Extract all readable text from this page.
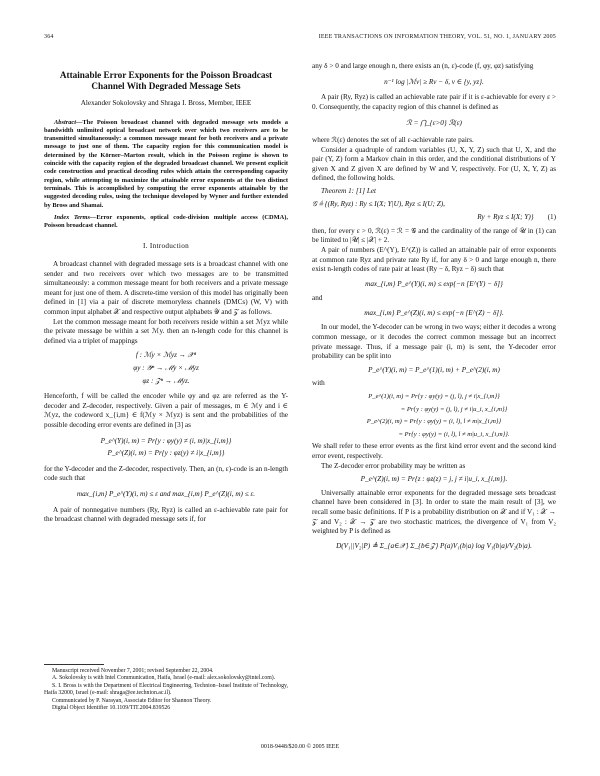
364	IEEE TRANSACTIONS ON INFORMATION THEORY, VOL. 51, NO. 1, JANUARY 2005
Attainable Error Exponents for the Poisson Broadcast Channel With Degraded Message Sets
Alexander Sokolovsky and Shraga I. Bross, Member, IEEE

Abstract—The Poisson broadcast channel with degraded message sets models a bandwidth unlimited optical broadcast network over which two receivers are to be transmitted simultaneously: a common message meant for both receivers and a private message to just one of them. The capacity region for this communication model is determined by the Körner–Marton result, which in the Poisson regime is shown to coincide with the capacity region of the degraded broadcast channel. We present explicit code construction and practical decoding rules which attain the corresponding capacity region, while attempting to maximize the attainable error exponents at the two distinct terminals. This is accomplished by computing the error exponents attainable by the suggested decoding rules, using the technique developed by Wyner and further extended by Bross and Shamai.

Index Terms—Error exponents, optical code-division multiple access (CDMA), Poisson broadcast channel.

I. Introduction

A broadcast channel with degraded message sets is a broadcast channel with one sender and two receivers over which two messages are to be transmitted simultaneously: a common message meant for both receivers and a private message meant for just one of them. A discrete-time version of this model has originally been defined in [1] via a pair of discrete memoryless channels (DMCs) (W, V) with common input alphabet 𝒳 and respective output alphabets 𝒴 and 𝒵 as follows.

Let the common message meant for both receivers reside within a set ℳyz while the private message be within a set ℳy. then an n-length code for this channel is defined via a triplet of mappings

f : ℳy × ℳyz → 𝒳ⁿ
φy : 𝒴ⁿ → ℳy × ℳyz
φz : 𝒵ⁿ → ℳyz.

Henceforth, f will be called the encoder while φy and φz are referred as the Y-decoder and Z-decoder, respectively. Given a pair of messages, m ∈ ℳy and i ∈ ℳyz, the codeword x_{i,m} ∈ f(ℳy × ℳyz) is sent and the probabilities of the possible decoding error events are defined in [3] as

P_e^(Y)(i, m) = Pr{y : φy(y) ≠ (i, m)|x_{i,m}}
P_e^(Z)(i, m) = Pr{y : φz(y) ≠ i|x_{i,m}}

for the Y-decoder and the Z-decoder, respectively. Then, an (n, ε)-code is an n-length code such that

max_{i,m} P_e^(Y)(i, m) ≤ ε and max_{i,m} P_e^(Z)(i, m) ≤ ε.

A pair of nonnegative numbers (Ry, Ryz) is called an ε-achievable rate pair for the broadcast channel with degraded message sets if, for

any δ > 0 and large enough n, there exists an (n, ε)-code (f, φy, φz) satisfying

n⁻¹ log |ℳv| ≥ Rv − δ, v ∈ {y, yz}.

A pair (Ry, Ryz) is called an achievable rate pair if it is ε-achievable for every ε > 0. Consequently, the capacity region of this channel is defined as

ℛ = ⋂_{ε>0} ℛ(ε)

where ℛ(ε) denotes the set of all ε-achievable rate pairs.

Consider a quadruple of random variables (U, X, Y, Z) such that U, X, and the pair (Y, Z) form a Markov chain in this order, and the conditional distributions of Y given X and Z given X are defined by W and V, respectively. For (U, X, Y, Z) as defined, the following holds.

Theorem 1: [1] Let

𝒢 ≜ {(Ry, Ryz) : Ry ≤ I(X; Y|U), Ryz ≤ I(U; Z),
Ry + Ryz ≤ I(X; Y)}	(1)

then, for every ε > 0, ℛ(ε) = ℛ = 𝒢 and the cardinality of the range of 𝒰 in (1) can be limited to |𝒰| ≤ |𝒳| + 2.

A pair of numbers (E^(Y), E^(Z)) is called an attainable pair of error exponents at common rate Ryz and private rate Ry if, for any δ > 0 and large enough n, there exist n-length codes of rate pair at least (Ry − δ, Ryz − δ) such that

max_{i,m} P_e^(Y)(i, m) ≤ exp{−n [E^(Y) − δ]}

and

max_{i,m} P_e^(Z)(i, m) ≤ exp{−n [E^(Z) − δ]}.

In our model, the Y-decoder can be wrong in two ways; either it decodes a wrong common message, or it decodes the correct common message but an incorrect private message. Thus, if a message pair (i, m) is sent, the Y-decoder error probability can be split into

P_e^(Y)(i, m) = P_e^(1)(i, m) + P_e^(2)(i, m)

with

P_e^(1)(i, m) = Pr{y : φy(y) = (j, l), j ≠ i|x_{i,m}}
= Pr{y : φy(y) = (j, l), j ≠ i|u_i, x_{i,m}}
P_e^(2)(i, m) = Pr{y : φy(y) = (i, l), l ≠ m|x_{i,m}}
= Pr{y : φy(y) = (i, l), l ≠ m|u_i, x_{i,m}}.

We shall refer to these error events as the first kind error event and the second kind error event, respectively.

The Z-decoder error probability may be written as

P_e^(Z)(i, m) = Pr{z : φz(z) = j, j ≠ i|u_i, x_{i,m}}.

Universally attainable error exponents for the degraded message sets broadcast channel have been considered in [3]. In order to state the main result of [3], we recall some basic definitions. If P is a probability distribution on 𝒳 and if V₁ : 𝒳 → 𝒵 and V₂ : 𝒳 → 𝒵 are two stochastic matrices, the divergence of V₁ from V₂ weighted by P is defined as

D(V₁||V₂|P) ≜ Σ_{a∈𝒳} Σ_{b∈𝒵} P(a)V₁(b|a) log V₁(b|a)/V₂(b|a).

Manuscript received November 7, 2001; revised September 22, 2004.

A. Sokolovsky is with Intel Communication, Haifa, Israel (e-mail: alex.sokolovsky@intel.com).

S. I. Bross is with the Department of Electrical Engineering, Technion–Israel Institute of Technology, Haifa 32000, Israel (e-mail: shraga@ee.technion.ac.il).

Communicated by P. Narayan, Associate Editor for Shannon Theory.

Digital Object Identifier 10.1109/TIT.2004.839526

0018-9448/$20.00 © 2005 IEEE
